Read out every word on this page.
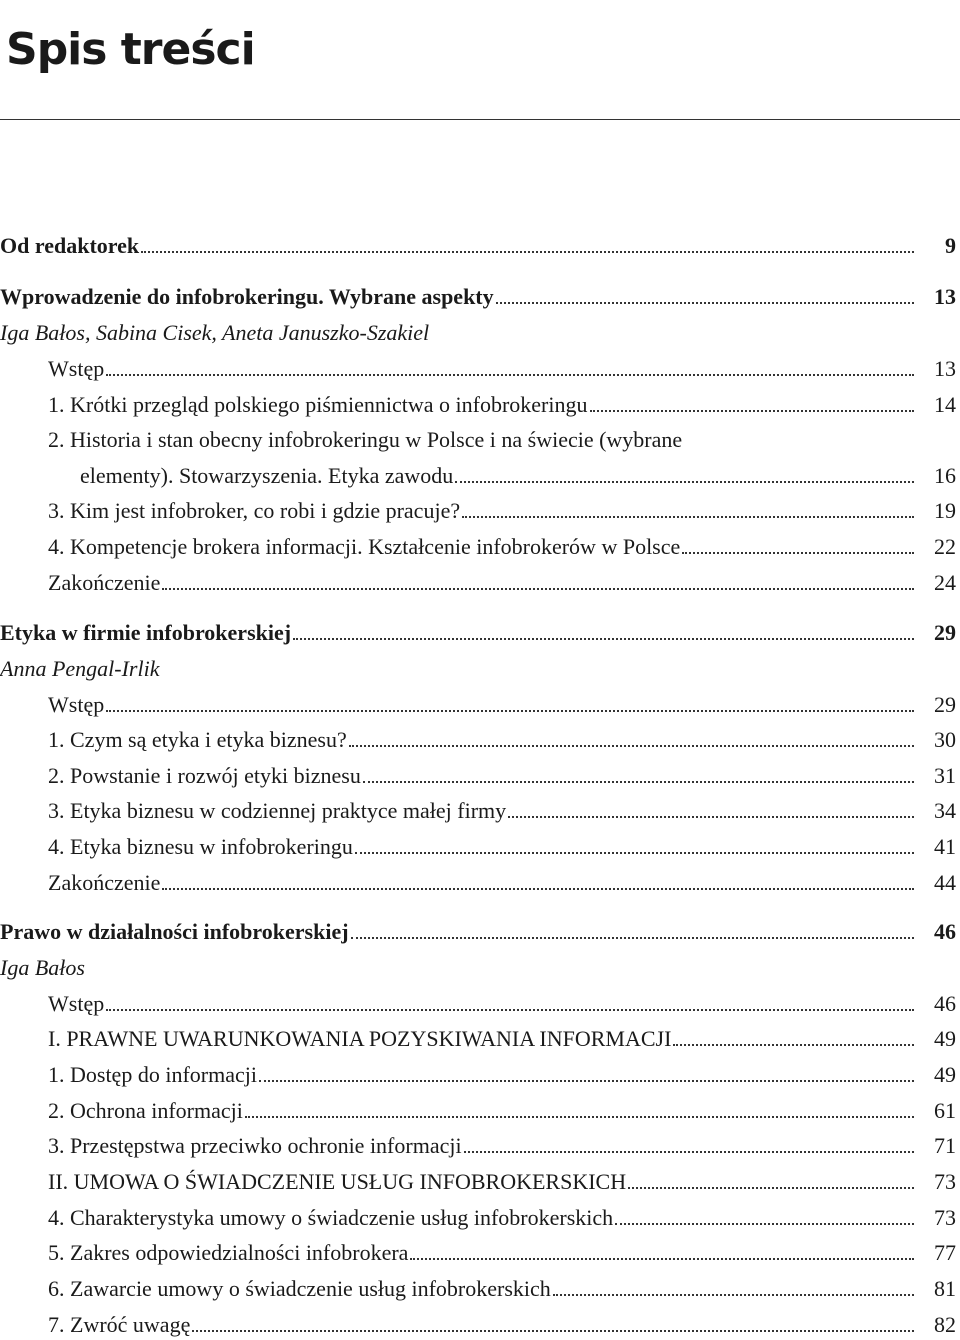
Spis treści
Od redaktorek	9
Wprowadzenie do infobrokeringu. Wybrane aspekty	13
Iga Bałos, Sabina Cisek, Aneta Januszko-Szakiel
Wstęp	13
1. Krótki przegląd polskiego piśmiennictwa o infobrokeringu	14
2. Historia i stan obecny infobrokeringu w Polsce i na świecie (wybrane
elementy). Stowarzyszenia. Etyka zawodu	16
3. Kim jest infobroker, co robi i gdzie pracuje?	19
4. Kompetencje brokera informacji. Kształcenie infobrokerów w Polsce	22
Zakończenie	24
Etyka w firmie infobrokerskiej	29
Anna Pengal-Irlik
Wstęp	29
1. Czym są etyka i etyka biznesu?	30
2. Powstanie i rozwój etyki biznesu	31
3. Etyka biznesu w codziennej praktyce małej firmy	34
4. Etyka biznesu w infobrokeringu	41
Zakończenie	44
Prawo w działalności infobrokerskiej	46
Iga Bałos
Wstęp	46
I. PRAWNE UWARUNKOWANIA POZYSKIWANIA INFORMACJI	49
1. Dostęp do informacji	49
2. Ochrona informacji	61
3. Przestępstwa przeciwko ochronie informacji	71
II. UMOWA O ŚWIADCZENIE USŁUG INFOBROKERSKICH	73
4. Charakterystyka umowy o świadczenie usług infobrokerskich	73
5. Zakres odpowiedzialności infobrokera	77
6. Zawarcie umowy o świadczenie usług infobrokerskich	81
7. Zwróć uwagę	82
